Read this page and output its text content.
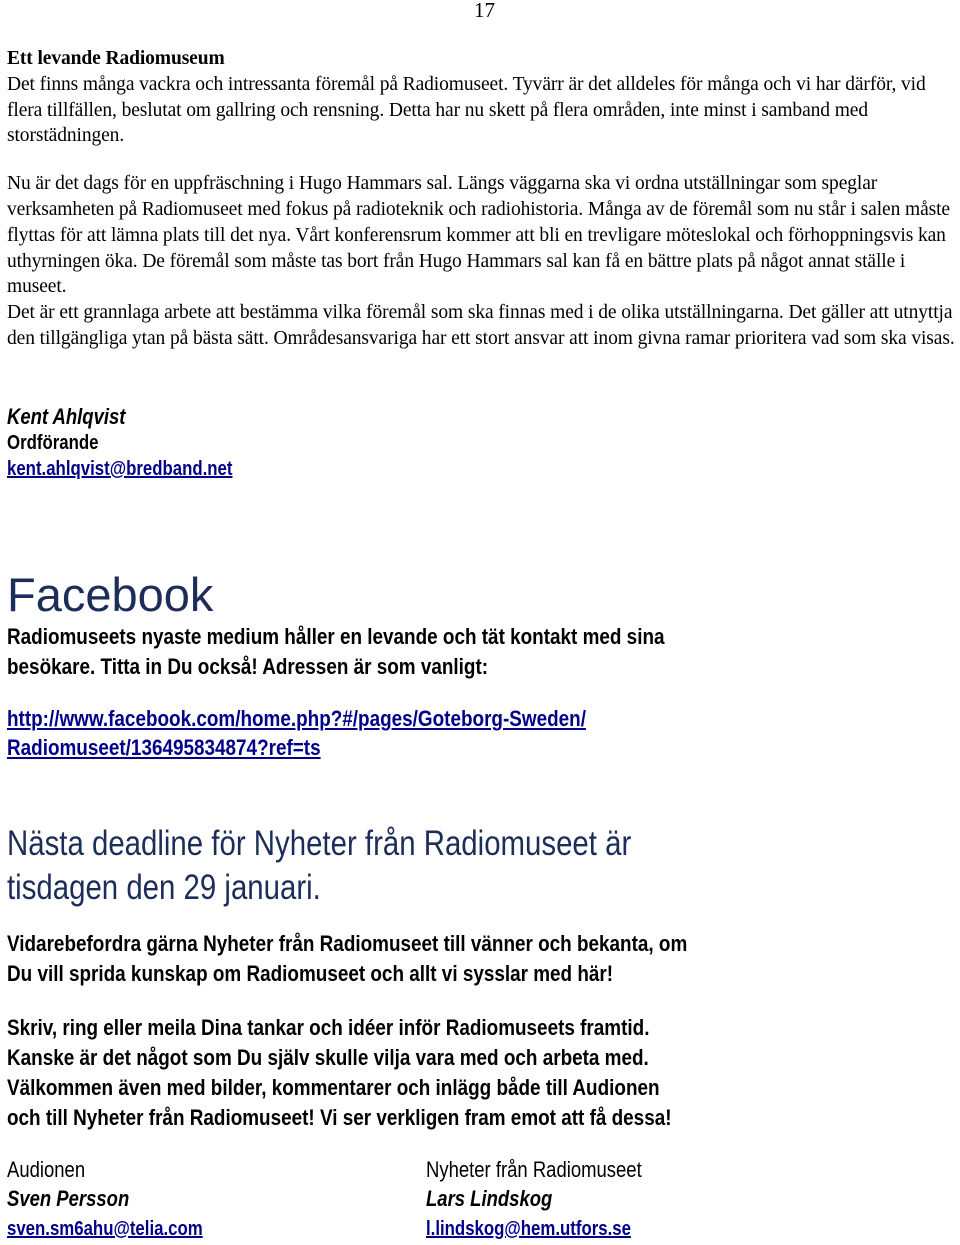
17

Ett levande Radiomuseum

Det finns många vackra och intressanta föremål på Radiomuseet. Tyvärr är det alldeles för många och vi har därför, vid flera tillfällen, beslutat om gallring och rensning. Detta har nu skett på flera områden, inte minst i samband med storstädningen.

Nu är det dags för en uppfräschning i Hugo Hammars sal. Längs väggarna ska vi ordna utställningar som speglar verksamheten på Radiomuseet med fokus på radioteknik och radiohistoria. Många av de föremål som nu står i salen måste flyttas för att lämna plats till det nya. Vårt konferensrum kommer att bli en trevligare möteslokal och förhoppningsvis kan uthyrningen öka. De föremål som måste tas bort från Hugo Hammars sal kan få en bättre plats på något annat ställe i museet.

Det är ett grannlaga arbete att bestämma vilka föremål som ska finnas med i de olika utställningarna. Det gäller att utnyttja den tillgängliga ytan på bästa sätt. Områdesansvariga har ett stort ansvar att inom givna ramar prioritera vad som ska visas.

Kent Ahlqvist
Ordförande
kent.ahlqvist@bredband.net
Facebook
Radiomuseets nyaste medium håller en levande och tät kontakt med sina
besökare. Titta in Du också! Adressen är som vanligt:
http://www.facebook.com/home.php?#/pages/Goteborg-Sweden/
Radiomuseet/136495834874?ref=ts
Nästa deadline för Nyheter från Radiomuseet är
tisdagen den 29 januari.
Vidarebefordra gärna Nyheter från Radiomuseet till vänner och bekanta, om
Du vill sprida kunskap om Radiomuseet och allt vi sysslar med här!
Skriv, ring eller meila Dina tankar och idéer inför Radiomuseets framtid.
Kanske är det något som Du själv skulle vilja vara med och arbeta med.
Välkommen även med bilder, kommentarer och inlägg både till Audionen
och till Nyheter från Radiomuseet! Vi ser verkligen fram emot att få dessa!
Audionen
Sven Persson
sven.sm6ahu@telia.com
Nyheter från Radiomuseet
Lars Lindskog
l.lindskog@hem.utfors.se
